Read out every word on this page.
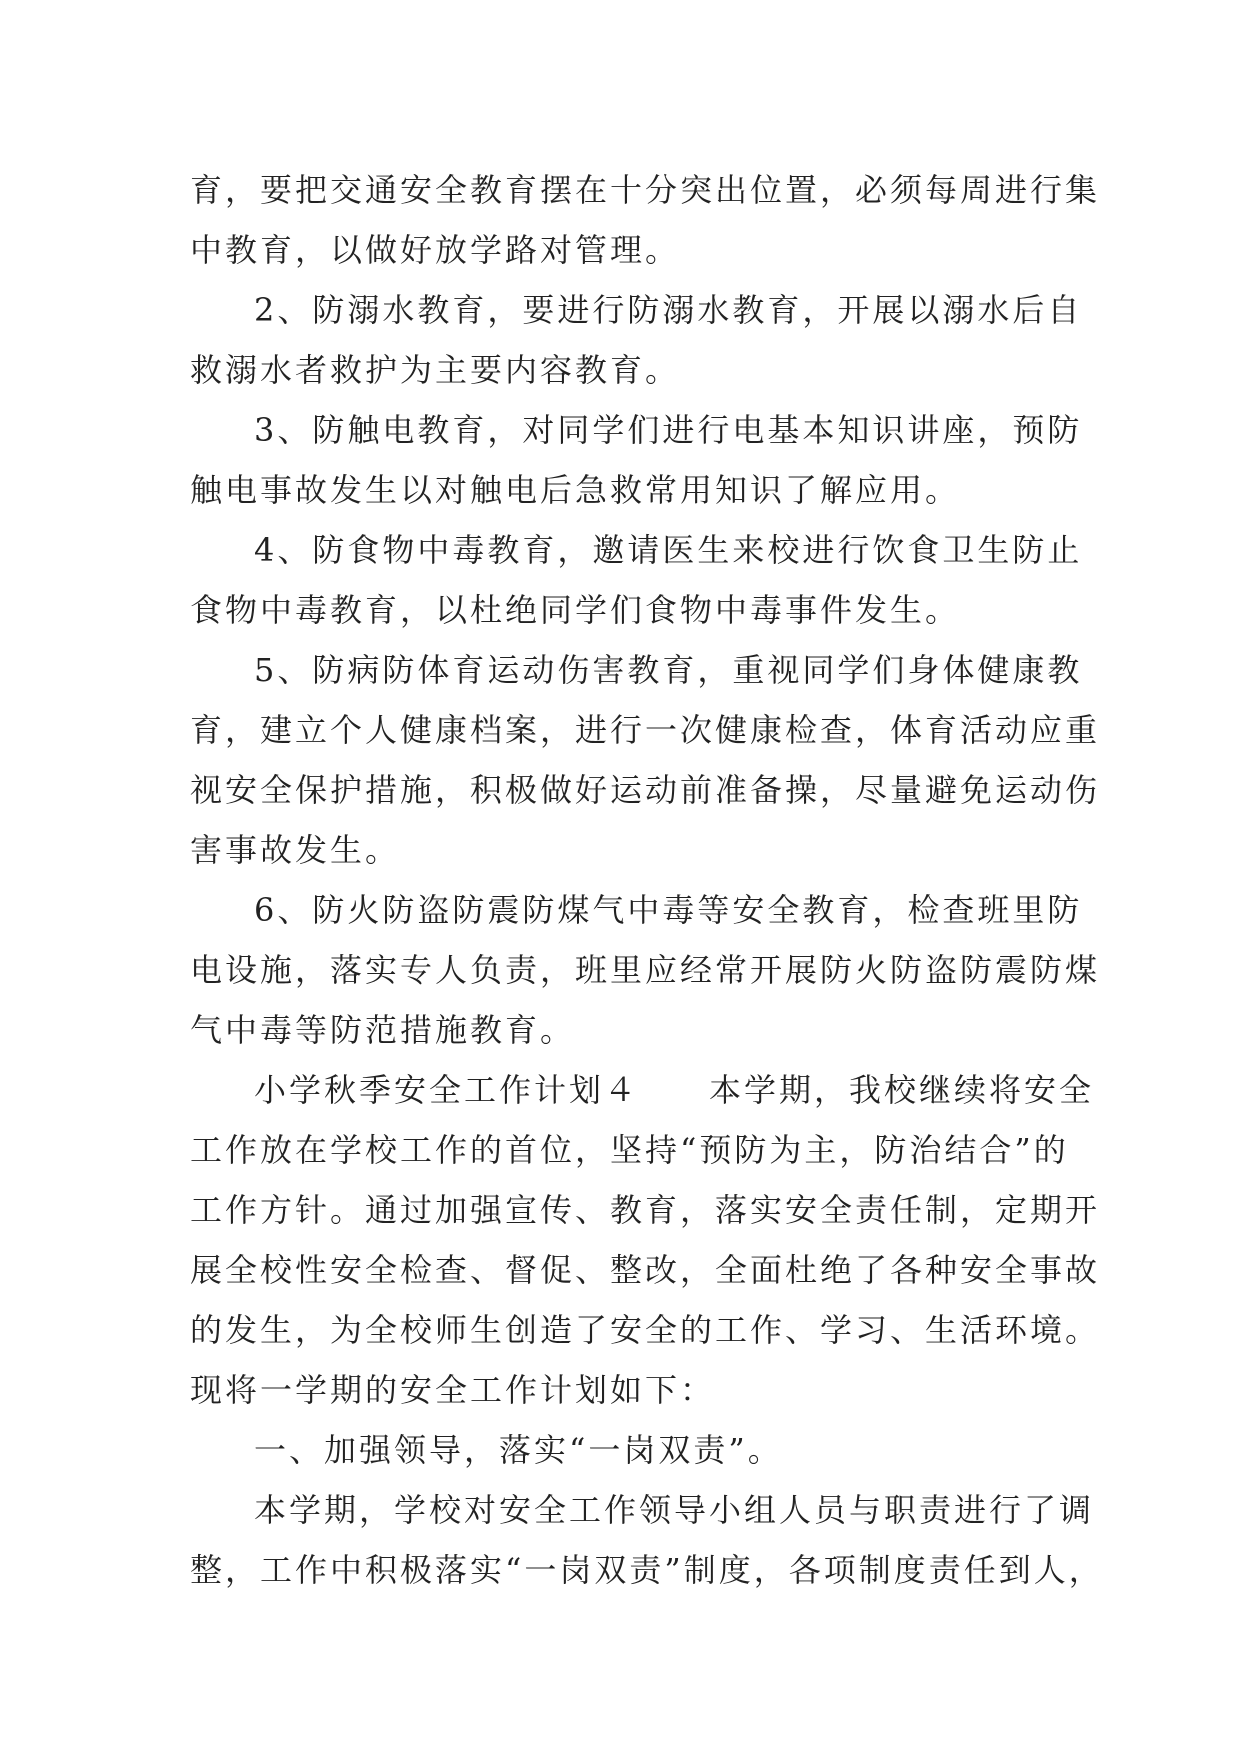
育，要把交通安全教育摆在十分突出位置，必须每周进行集
中教育，以做好放学路对管理。
2、防溺水教育，要进行防溺水教育，开展以溺水后自
救溺水者救护为主要内容教育。
3、防触电教育，对同学们进行电基本知识讲座，预防
触电事故发生以对触电后急救常用知识了解应用。
4、防食物中毒教育，邀请医生来校进行饮食卫生防止
食物中毒教育，以杜绝同学们食物中毒事件发生。
5、防病防体育运动伤害教育，重视同学们身体健康教
育，建立个人健康档案，进行一次健康检查，体育活动应重
视安全保护措施，积极做好运动前准备操，尽量避免运动伤
害事故发生。
6、防火防盗防震防煤气中毒等安全教育，检查班里防
电设施，落实专人负责，班里应经常开展防火防盗防震防煤
气中毒等防范措施教育。
小学秋季安全工作计划４　　本学期，我校继续将安全
工作放在学校工作的首位，坚持“预防为主，防治结合”的
工作方针。通过加强宣传、教育，落实安全责任制，定期开
展全校性安全检查、督促、整改，全面杜绝了各种安全事故
的发生，为全校师生创造了安全的工作、学习、生活环境。
现将一学期的安全工作计划如下：
一、加强领导，落实“一岗双责”。
本学期，学校对安全工作领导小组人员与职责进行了调
整，工作中积极落实“一岗双责”制度，各项制度责任到人，
